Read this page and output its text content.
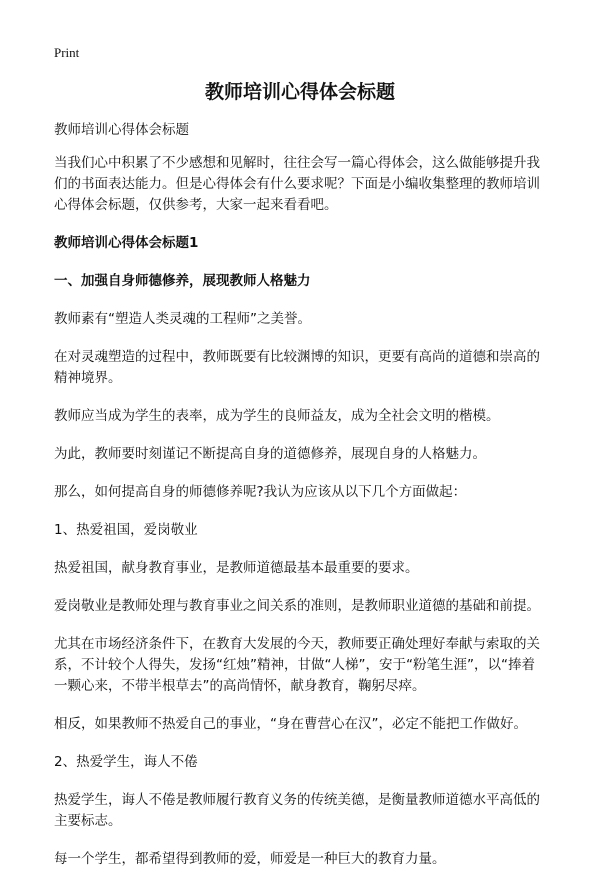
Print
教师培训心得体会标题

教师培训心得体会标题

当我们心中积累了不少感想和见解时，往往会写一篇心得体会，这么做能够提升我们的书面表达能力。但是心得体会有什么要求呢？下面是小编收集整理的教师培训心得体会标题，仅供参考，大家一起来看看吧。

教师培训心得体会标题1

一、加强自身师德修养，展现教师人格魅力

教师素有“塑造人类灵魂的工程师”之美誉。

在对灵魂塑造的过程中，教师既要有比较渊博的知识，更要有高尚的道德和崇高的精神境界。

教师应当成为学生的表率，成为学生的良师益友，成为全社会文明的楷模。

为此，教师要时刻谨记不断提高自身的道德修养，展现自身的人格魅力。

那么，如何提高自身的师德修养呢?我认为应该从以下几个方面做起：

1、热爱祖国，爱岗敬业

热爱祖国，献身教育事业，是教师道德最基本最重要的要求。

爱岗敬业是教师处理与教育事业之间关系的准则，是教师职业道德的基础和前提。

尤其在市场经济条件下，在教育大发展的今天，教师要正确处理好奉献与索取的关系，不计较个人得失，发扬“红烛”精神，甘做“人梯”，安于“粉笔生涯”，以“捧着一颗心来，不带半根草去”的高尚情怀，献身教育，鞠躬尽瘁。

相反，如果教师不热爱自己的事业，“身在曹营心在汉”，必定不能把工作做好。

2、热爱学生，诲人不倦

热爱学生，诲人不倦是教师履行教育义务的传统美德，是衡量教师道德水平高低的主要标志。

每一个学生，都希望得到教师的爱，师爱是一种巨大的教育力量。
